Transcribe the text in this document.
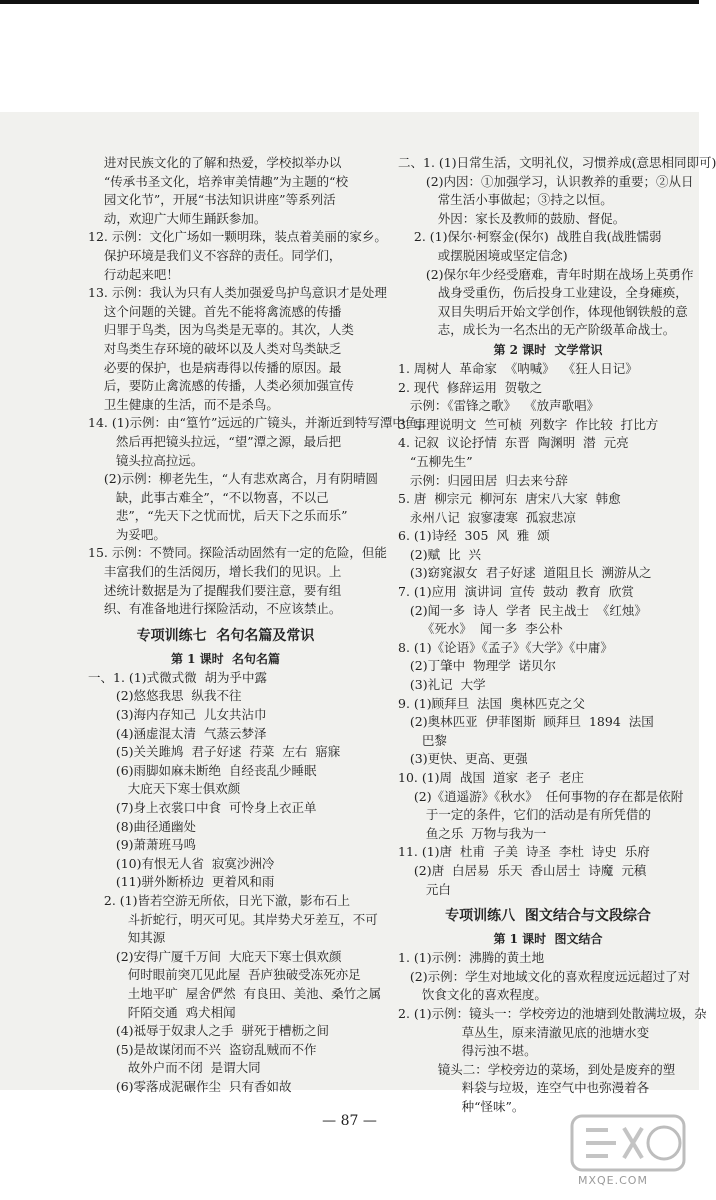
进对民族文化的了解和热爱，学校拟举办以
“传承书圣文化，培养审美情趣”为主题的“校
园文化节”，开展“书法知识讲座”等系列活
动，欢迎广大师生踊跃参加。
12. 示例：文化广场如一颗明珠，装点着美丽的家乡。
保护环境是我们义不容辞的责任。同学们，
行动起来吧！
13. 示例：我认为只有人类加强爱鸟护鸟意识才是处理
这个问题的关键。首先不能将禽流感的传播
归罪于鸟类，因为鸟类是无辜的。其次，人类
对鸟类生存环境的破坏以及人类对鸟类缺乏
必要的保护，也是病毒得以传播的原因。最
后，要防止禽流感的传播，人类必须加强宣传
卫生健康的生活，而不是杀鸟。
14. (1)示例：由“篁竹”远远的广镜头，并渐近到特写潭中鱼，
然后再把镜头拉远，“望”潭之源，最后把
镜头拉高拉远。
(2)示例：柳老先生，“人有悲欢离合，月有阴晴圆
缺，此事古难全”，“不以物喜，不以己
悲”，“先天下之忧而忧，后天下之乐而乐”
为妥吧。
15. 示例：不赞同。探险活动固然有一定的危险，但能
丰富我们的生活阅历，增长我们的见识。上
述统计数据是为了提醒我们要注意，要有组
织、有准备地进行探险活动，不应该禁止。
专项训练七  名句名篇及常识
第 1 课时  名句名篇
一、1. (1)式微式微  胡为乎中露
(2)悠悠我思  纵我不往
(3)海内存知己  儿女共沾巾
(4)涵虚混太清  气蒸云梦泽
(5)关关雎鸠  君子好逑  荇菜  左右  寤寐
(6)雨脚如麻未断绝  自经丧乱少睡眠
大庇天下寒士俱欢颜
(7)身上衣裳口中食  可怜身上衣正单
(8)曲径通幽处
(9)萧萧班马鸣
(10)有恨无人省  寂寞沙洲冷
(11)骈外断桥边  更着风和雨
2. (1)皆若空游无所依，日光下澈，影布石上
斗折蛇行，明灭可见。其岸势犬牙差互，不可
知其源
(2)安得广厦千万间  大庇天下寒士俱欢颜
何时眼前突兀见此屋  吾庐独破受冻死亦足
土地平旷  屋舍俨然  有良田、美池、桑竹之属
阡陌交通  鸡犬相闻
(4)祗辱于奴隶人之手  骈死于槽枥之间
(5)是故谋闭而不兴  盗窃乱贼而不作
故外户而不闭  是谓大同
(6)零落成泥碾作尘  只有香如故
二、1. (1)日常生活，文明礼仪，习惯养成(意思相同即可)
(2)内因：①加强学习，认识教养的重要；②从日
常生活小事做起；③持之以恒。
外因：家长及教师的鼓励、督促。
2. (1)保尔·柯察金(保尔)  战胜自我(战胜懦弱
或摆脱困境或坚定信念)
(2)保尔年少经受磨难，青年时期在战场上英勇作
战身受重伤，伤后投身工业建设，全身瘫痪，
双目失明后开始文学创作，体现他钢铁般的意
志，成长为一名杰出的无产阶级革命战士。
第 2 课时  文学常识
1. 周树人  革命家  《呐喊》  《狂人日记》
2. 现代  修辞运用  贺敬之
示例：《雷锋之歌》  《放声歌唱》
3. 事理说明文  竺可桢  列数字  作比较  打比方
4. 记叙  议论抒情  东晋  陶渊明  潜  元亮
“五柳先生”
示例：归园田居  归去来兮辞
5. 唐  柳宗元  柳河东  唐宋八大家  韩愈
永州八记  寂寥凄寒  孤寂悲凉
6. (1)诗经  305  风  雅  颂
(2)赋  比  兴
(3)窈窕淑女  君子好逑  道阻且长  溯游从之
7. (1)应用  演讲词  宣传  鼓动  教育  欣赏
(2)闻一多  诗人  学者  民主战士  《红烛》
《死水》  闻一多  李公朴
8. (1)《论语》《孟子》《大学》《中庸》
(2)丁肇中  物理学  诺贝尔
(3)礼记  大学
9. (1)顾拜旦  法国  奥林匹克之父
(2)奥林匹亚  伊菲图斯  顾拜旦  1894  法国
巴黎
(3)更快、更高、更强
10. (1)周  战国  道家  老子  老庄
(2)《逍遥游》《秋水》  任何事物的存在都是依附
于一定的条件，它们的活动是有所凭借的
鱼之乐  万物与我为一
11. (1)唐  杜甫  子美  诗圣  李杜  诗史  乐府
(2)唐  白居易  乐天  香山居士  诗魔  元稹
元白
专项训练八  图文结合与文段综合
第 1 课时  图文结合
1. (1)示例：沸腾的黄土地
(2)示例：学生对地域文化的喜欢程度远远超过了对
饮食文化的喜欢程度。
2. (1)示例：镜头一：学校旁边的池塘到处散满垃圾，杂
草丛生，原来清澈见底的池塘水变
得污浊不堪。
镜头二：学校旁边的菜场，到处是废弃的塑
料袋与垃圾，连空气中也弥漫着各
种“怪味”。
— 87 —
MXQE.COM
